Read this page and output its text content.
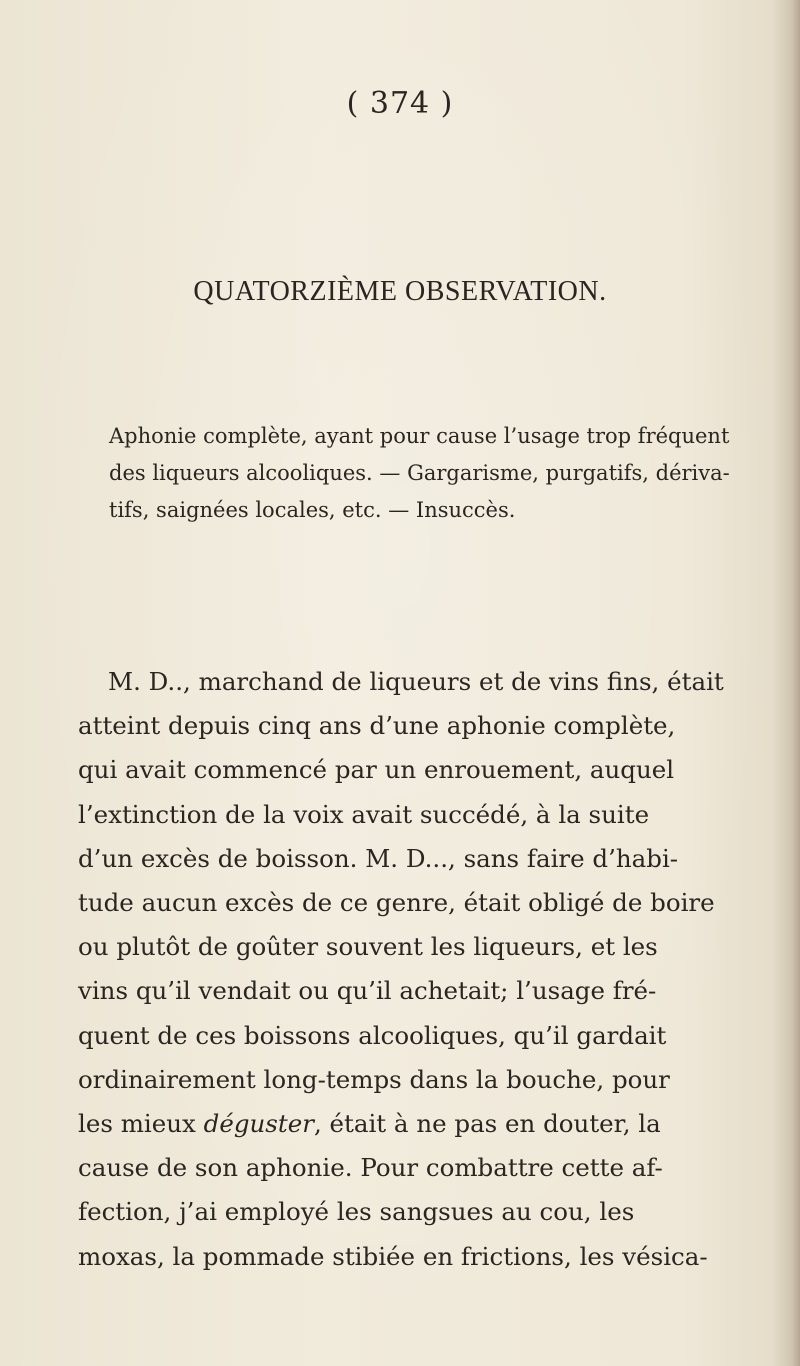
( 374 )
QUATORZIÈME OBSERVATION.
Aphonie complète, ayant pour cause l’usage trop fréquent
des liqueurs alcooliques. — Gargarisme, purgatifs, dériva-
tifs, saignées locales, etc. — Insuccès.
M. D.., marchand de liqueurs et de vins fins, était
atteint depuis cinq ans d’une aphonie complète,
qui avait commencé par un enrouement, auquel
l’extinction de la voix avait succédé, à la suite
d’un excès de boisson. M. D..., sans faire d’habi-
tude aucun excès de ce genre, était obligé de boire
ou plutôt de goûter souvent les liqueurs, et les
vins qu’il vendait ou qu’il achetait; l’usage fré-
quent de ces boissons alcooliques, qu’il gardait
ordinairement long-temps dans la bouche, pour
les mieux déguster, était à ne pas en douter, la
cause de son aphonie. Pour combattre cette af-
fection, j’ai employé les sangsues au cou, les
moxas, la pommade stibiée en frictions, les vésica-
